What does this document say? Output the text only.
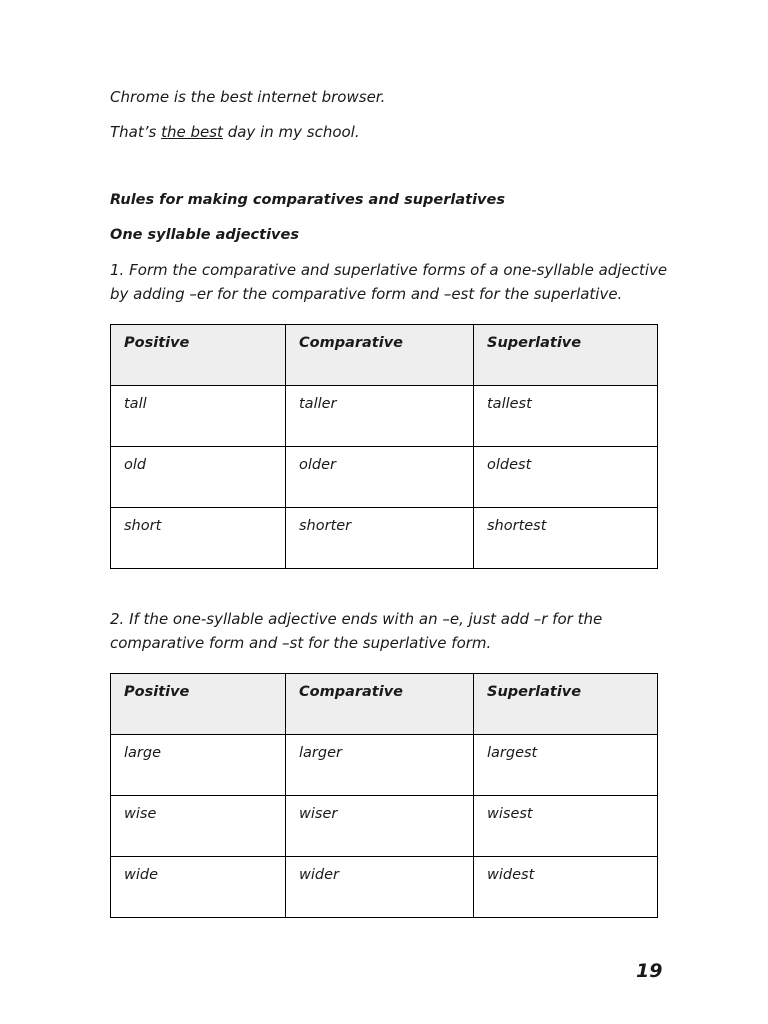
Chrome is the best internet browser.

That’s the best day in my school.

Rules for making comparatives and superlatives

One syllable adjectives

1. Form the comparative and superlative forms of a one-syllable adjective

by adding –er for the comparative form and –est for the superlative.

Positive	Comparative	Superlative
tall	taller	tallest
old	older	oldest
short	shorter	shortest

2. If the one-syllable adjective ends with an –e, just add –r for the

comparative form and –st for the superlative form.

Positive	Comparative	Superlative
large	larger	largest
wise	wiser	wisest
wide	wider	widest
19
